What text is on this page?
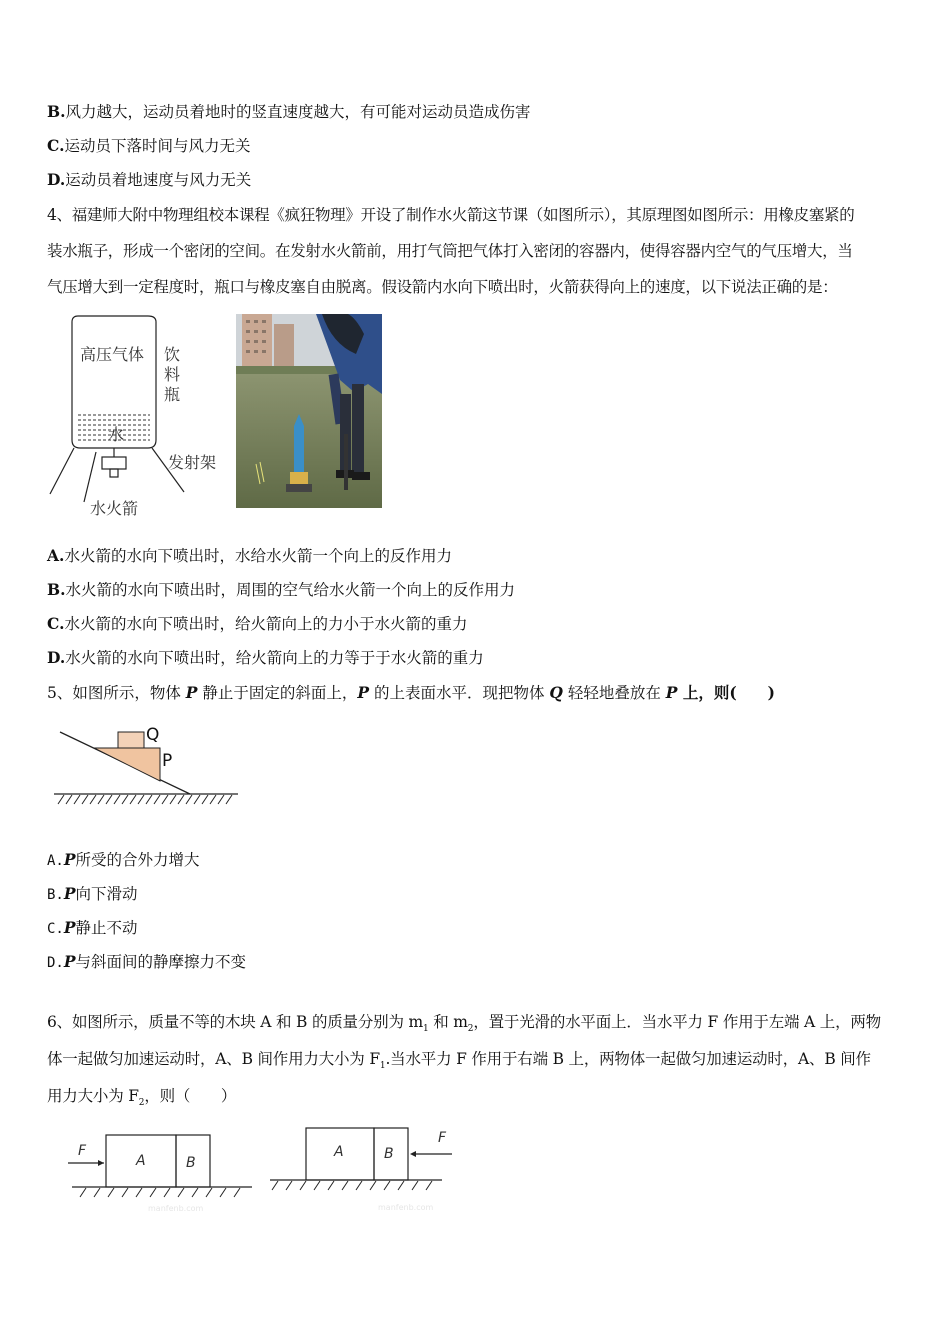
B.风力越大，运动员着地时的竖直速度越大，有可能对运动员造成伤害
C.运动员下落时间与风力无关
D.运动员着地速度与风力无关
4、福建师大附中物理组校本课程《疯狂物理》开设了制作水火箭这节课（如图所示），其原理图如图所示：用橡皮塞紧的
装水瓶子，形成一个密闭的空间。在发射水火箭前，用打气筒把气体打入密闭的容器内，使得容器内空气的气压增大，当
气压增大到一定程度时，瓶口与橡皮塞自由脱离。假设箭内水向下喷出时，火箭获得向上的速度，以下说法正确的是：
高压气体 饮
料
瓶
水
发射架
水火箭
A.水火箭的水向下喷出时，水给水火箭一个向上的反作用力
B.水火箭的水向下喷出时，周围的空气给水火箭一个向上的反作用力
C.水火箭的水向下喷出时，给火箭向上的力小于水火箭的重力
D.水火箭的水向下喷出时，给火箭向上的力等于于水火箭的重力
5、如图所示，物体 P 静止于固定的斜面上，P 的上表面水平．现把物体 Q 轻轻地叠放在 P 上，则(　　)
Q
P
A.P所受的合外力增大
B.P向下滑动
C.P静止不动
D.P与斜面间的静摩擦力不变
6、如图所示，质量不等的木块 A 和 B 的质量分别为 $m_1$ 和 $m_2$，置于光滑的水平面上．当水平力 F 作用于左端 A 上，两物
体一起做匀加速运动时，A、B 间作用力大小为 $F_1$.当水平力 F 作用于右端 B 上，两物体一起做匀加速运动时，A、B 间作
用力大小为 $F_2$，则（　　）
F
A	B
manfenb.com
A	B
F
manfenb.com
